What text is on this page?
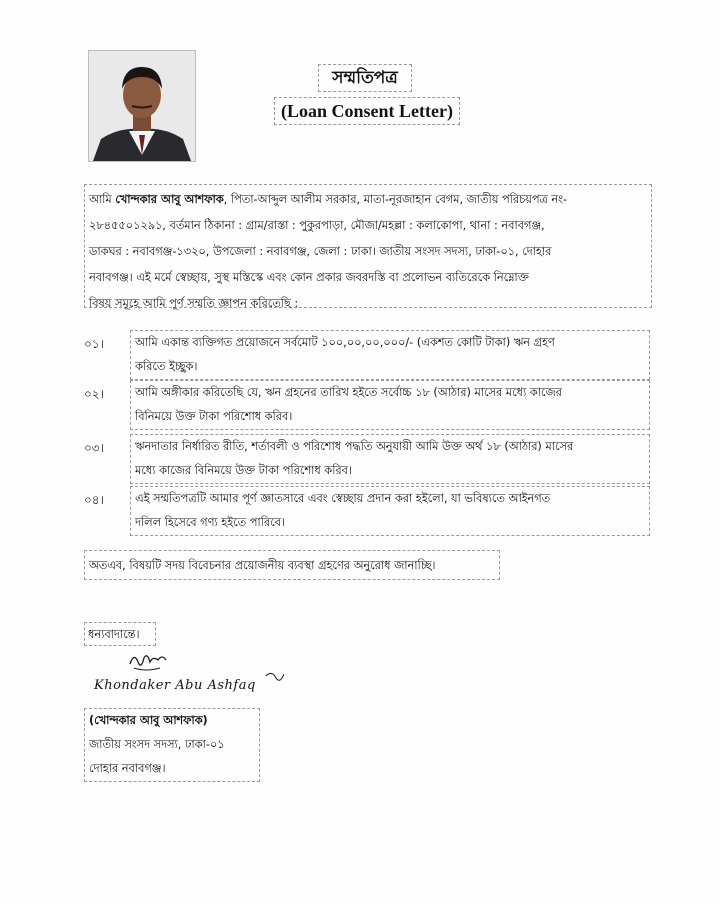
সম্মতিপত্র
(Loan Consent Letter)
আমি খোন্দকার আবু আশফাক, পিতা-আব্দুল আলীম সরকার, মাতা-নূরজাহান বেগম, জাতীয় পরিচয়পত্র নং-
২৮৪৫৫০১২৯১, বর্তমান ঠিকানা : গ্রাম/রাস্তা : পুকুরপাড়া, মৌজা/মহল্লা : কলাকোপা, থানা : নবাবগঞ্জ,
ডাকঘর : নবাবগঞ্জ-১৩২০, উপজেলা : নবাবগঞ্জ, জেলা : ঢাকা। জাতীয় সংসদ সদস্য, ঢাকা-০১, দোহার
নবাবগঞ্জ। এই মর্মে স্বেচ্ছায়, সুস্থ মস্তিস্কে এবং কোন প্রকার জবরদস্তি বা প্রলোভন ব্যতিরেকে নিম্নোক্ত
বিষয় সমূহে আমি পূর্ণ সম্মতি জ্ঞাপন করিতেছি :
০১।	আমি একান্ত ব্যক্তিগত প্রয়োজনে সর্বমোট ১০০,০০,০০,০০০/- (একশত কোটি টাকা) ঋন গ্রহণ
করিতে ইচ্ছুক।
০২।	আমি অঙ্গীকার করিতেছি যে, ঋন গ্রহনের তারিখ হইতে সর্বোচ্চ ১৮ (আঠার) মাসের মধ্যে কাজের
বিনিময়ে উক্ত টাকা পরিশোধ করিব।
০৩।	ঋনদাতার নির্ধারিত রীতি, শর্তাবলী ও পরিশোধ পদ্ধতি অনুযায়ী আমি উক্ত অর্থ ১৮ (আঠার) মাসের
মধ্যে কাজের বিনিময়ে উক্ত টাকা পরিশোধ করিব।
০৪।	এই সম্মতিপত্রটি আমার পূর্ণ জ্ঞাতসারে এবং স্বেচ্ছায় প্রদান করা হইলো, যা ভবিষ্যতে আইনগত
দলিল হিসেবে গণ্য হইতে পারিবে।
অতএব, বিষয়টি সদয় বিবেচনার প্রয়োজনীয় ব্যবস্থা গ্রহণের অনুরোধ জানাচ্ছি।
ধন্যবাদান্তে।
Khondaker Abu Ashfaq
(খোন্দকার আবু আশফাক)
জাতীয় সংসদ সদস্য, ঢাকা-০১
দোহার নবাবগঞ্জ।
